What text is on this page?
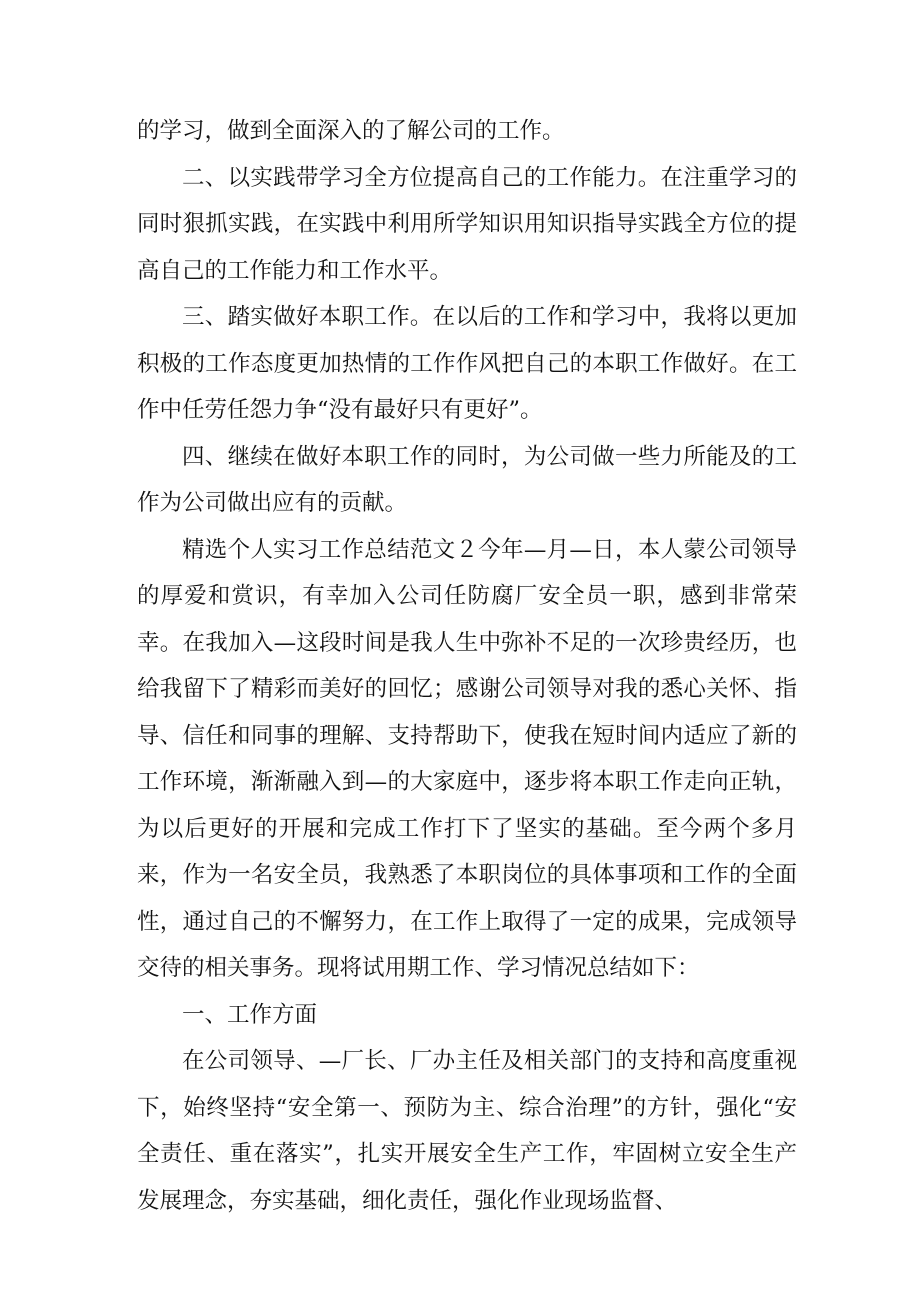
的学习，做到全面深入的了解公司的工作。

二、以实践带学习全方位提高自己的工作能力。在注重学习的同时狠抓实践，在实践中利用所学知识用知识指导实践全方位的提高自己的工作能力和工作水平。

三、踏实做好本职工作。在以后的工作和学习中，我将以更加积极的工作态度更加热情的工作作风把自己的本职工作做好。在工作中任劳任怨力争“没有最好只有更好”。

四、继续在做好本职工作的同时，为公司做一些力所能及的工作为公司做出应有的贡献。

精选个人实习工作总结范文２今年—月—日，本人蒙公司领导的厚爱和赏识，有幸加入公司任防腐厂安全员一职，感到非常荣幸。在我加入—这段时间是我人生中弥补不足的一次珍贵经历，也给我留下了精彩而美好的回忆；感谢公司领导对我的悉心关怀、指导、信任和同事的理解、支持帮助下，使我在短时间内适应了新的工作环境，渐渐融入到—的大家庭中，逐步将本职工作走向正轨，为以后更好的开展和完成工作打下了坚实的基础。至今两个多月来，作为一名安全员，我熟悉了本职岗位的具体事项和工作的全面性，通过自己的不懈努力，在工作上取得了一定的成果，完成领导交待的相关事务。现将试用期工作、学习情况总结如下：

一、工作方面

在公司领导、—厂长、厂办主任及相关部门的支持和高度重视下，始终坚持“安全第一、预防为主、综合治理”的方针，强化“安全责任、重在落实”，扎实开展安全生产工作，牢固树立安全生产发展理念，夯实基础，细化责任，强化作业现场监督、
